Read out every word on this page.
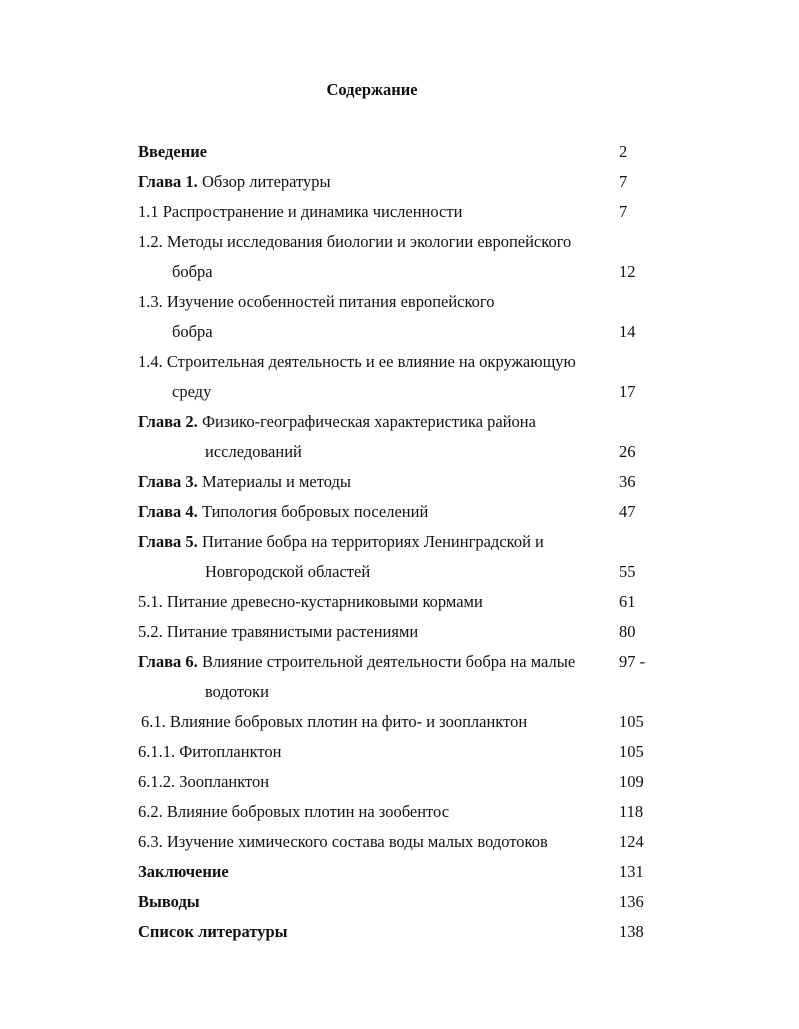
Содержание
Введение	2
Глава 1. Обзор литературы	7
1.1 Распространение и динамика численности	7
1.2. Методы исследования биологии и экологии европейского
бобра	12
1.3. Изучение особенностей питания европейского
бобра	14
1.4. Строительная деятельность и ее влияние на окружающую
среду	17
Глава 2. Физико-географическая характеристика района
исследований	26
Глава 3. Материалы и методы	36
Глава 4. Типология бобровых поселений	47
Глава 5. Питание бобра на территориях Ленинградской и
Новгородской областей	55
5.1. Питание древесно-кустарниковыми кормами	61
5.2. Питание травянистыми растениями	80
Глава 6. Влияние строительной деятельности бобра на малые	97 -
водотоки
6.1. Влияние бобровых плотин на фито- и зоопланктон	105
6.1.1. Фитопланктон	105
6.1.2. Зоопланктон	109
6.2. Влияние бобровых плотин на зообентос	118
6.3. Изучение химического состава воды малых водотоков	124
Заключение	131
Выводы	136
Список литературы	138
